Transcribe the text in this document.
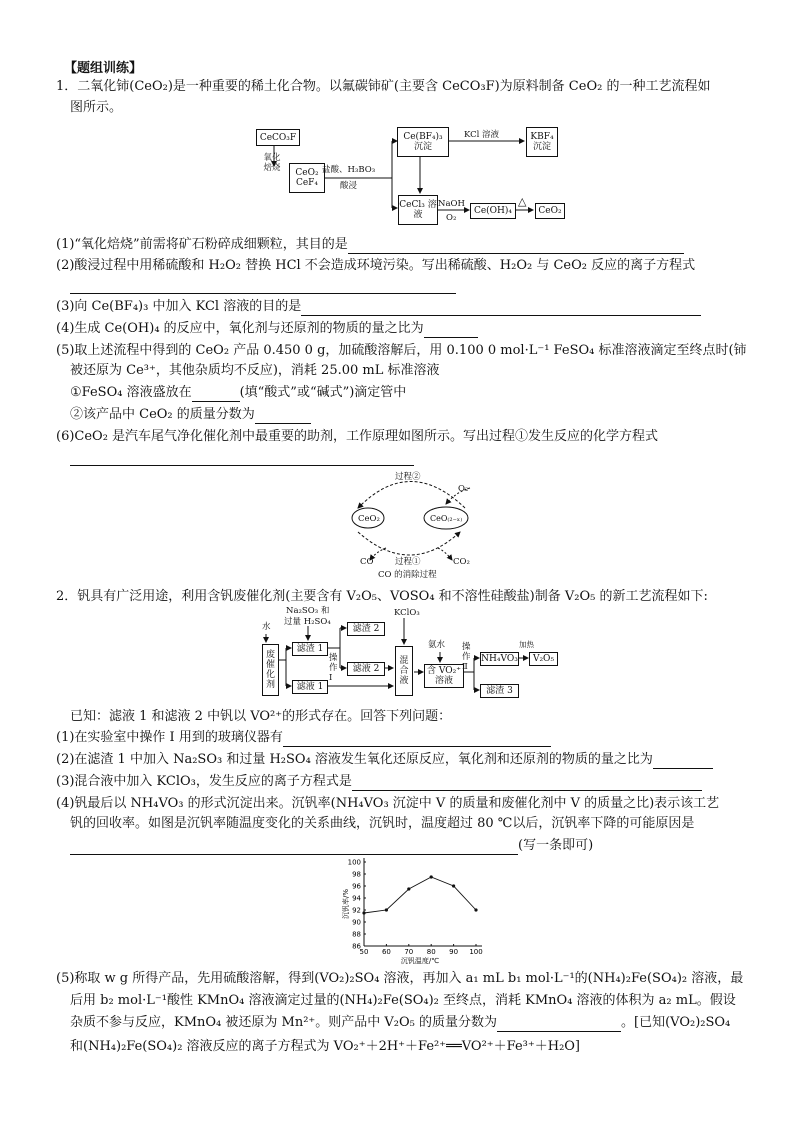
【题组训练】
1．二氧化铈(CeO₂)是一种重要的稀土化合物。以氟碳铈矿(主要含 CeCO₃F)为原料制备 CeO₂ 的一种工艺流程如
图所示。
CeCO₃F
氧化焙烧	CeO₂ CeF₄
盐酸、H₃BO₃
酸浸
Ce(BF₄)₃ 沉淀
KCl 溶液	KBF₄ 沉淀
CeCl₃ 溶液
NaOH
O₂
Ce(OH)₄
△
CeO₂
(1)“氧化焙烧”前需将矿石粉碎成细颗粒，其目的是
(2)酸浸过程中用稀硫酸和 H₂O₂ 替换 HCl 不会造成环境污染。写出稀硫酸、H₂O₂ 与 CeO₂ 反应的离子方程式
(3)向 Ce(BF₄)₃ 中加入 KCl 溶液的目的是
(4)生成 Ce(OH)₄ 的反应中，氧化剂与还原剂的物质的量之比为
(5)取上述流程中得到的 CeO₂ 产品 0.450 0 g，加硫酸溶解后，用 0.100 0 mol·L⁻¹ FeSO₄ 标准溶液滴定至终点时(铈
被还原为 Ce³⁺，其他杂质均不反应)，消耗 25.00 mL 标准溶液
①FeSO₄ 溶液盛放在	(填“酸式”或“碱式”)滴定管中
②该产品中 CeO₂ 的质量分数为
(6)CeO₂ 是汽车尾气净化催化剂中最重要的助剂，工作原理如图所示。写出过程①发生反应的化学方程式
过程②
O₂
CeO₂	CeO₍₂₋ₓ₎
CO	过程①	CO₂
CO 的消除过程
2．钒具有广泛用途，利用含钒废催化剂(主要含有 V₂O₅、VOSO₄ 和不溶性硅酸盐)制备 V₂O₅ 的新工艺流程如下:
水
废催化剂
Na₂SO₃ 和
过量 H₂SO₄
滤渣 1
滤渣 2
操作Ⅰ
滤液 2
滤液 1
KClO₃
混合液
氨水
含 VO₂⁺ 溶液
操作Ⅱ
NH₄VO₃
加热
V₂O₅
滤渣 3
已知：滤液 1 和滤液 2 中钒以 VO²⁺的形式存在。回答下列问题：
(1)在实验室中操作 I 用到的玻璃仪器有
(2)在滤渣 1 中加入 Na₂SO₃ 和过量 H₂SO₄ 溶液发生氧化还原反应，氧化剂和还原剂的物质的量之比为
(3)混合液中加入 KClO₃，发生反应的离子方程式是
(4)钒最后以 NH₄VO₃ 的形式沉淀出来。沉钒率(NH₄VO₃ 沉淀中 V 的质量和废催化剂中 V 的质量之比)表示该工艺
钒的回收率。如图是沉钒率随温度变化的关系曲线，沉钒时，温度超过 80 ℃以后，沉钒率下降的可能原因是
(写一条即可)
50 60 70 80 90 100
86
88
90
92
94
96
98
100
沉钒温度/℃
沉钒率/%
(5)称取 w g 所得产品，先用硫酸溶解，得到(VO₂)₂SO₄ 溶液，再加入 a₁ mL b₁ mol·L⁻¹的(NH₄)₂Fe(SO₄)₂ 溶液，最
后用 b₂ mol·L⁻¹酸性 KMnO₄ 溶液滴定过量的(NH₄)₂Fe(SO₄)₂ 至终点，消耗 KMnO₄ 溶液的体积为 a₂ mL。假设
杂质不参与反应，KMnO₄ 被还原为 Mn²⁺。则产品中 V₂O₅ 的质量分数为	。[已知(VO₂)₂SO₄
和(NH₄)₂Fe(SO₄)₂ 溶液反应的离子方程式为 VO₂⁺＋2H⁺＋Fe²⁺══VO²⁺＋Fe³⁺＋H₂O]
